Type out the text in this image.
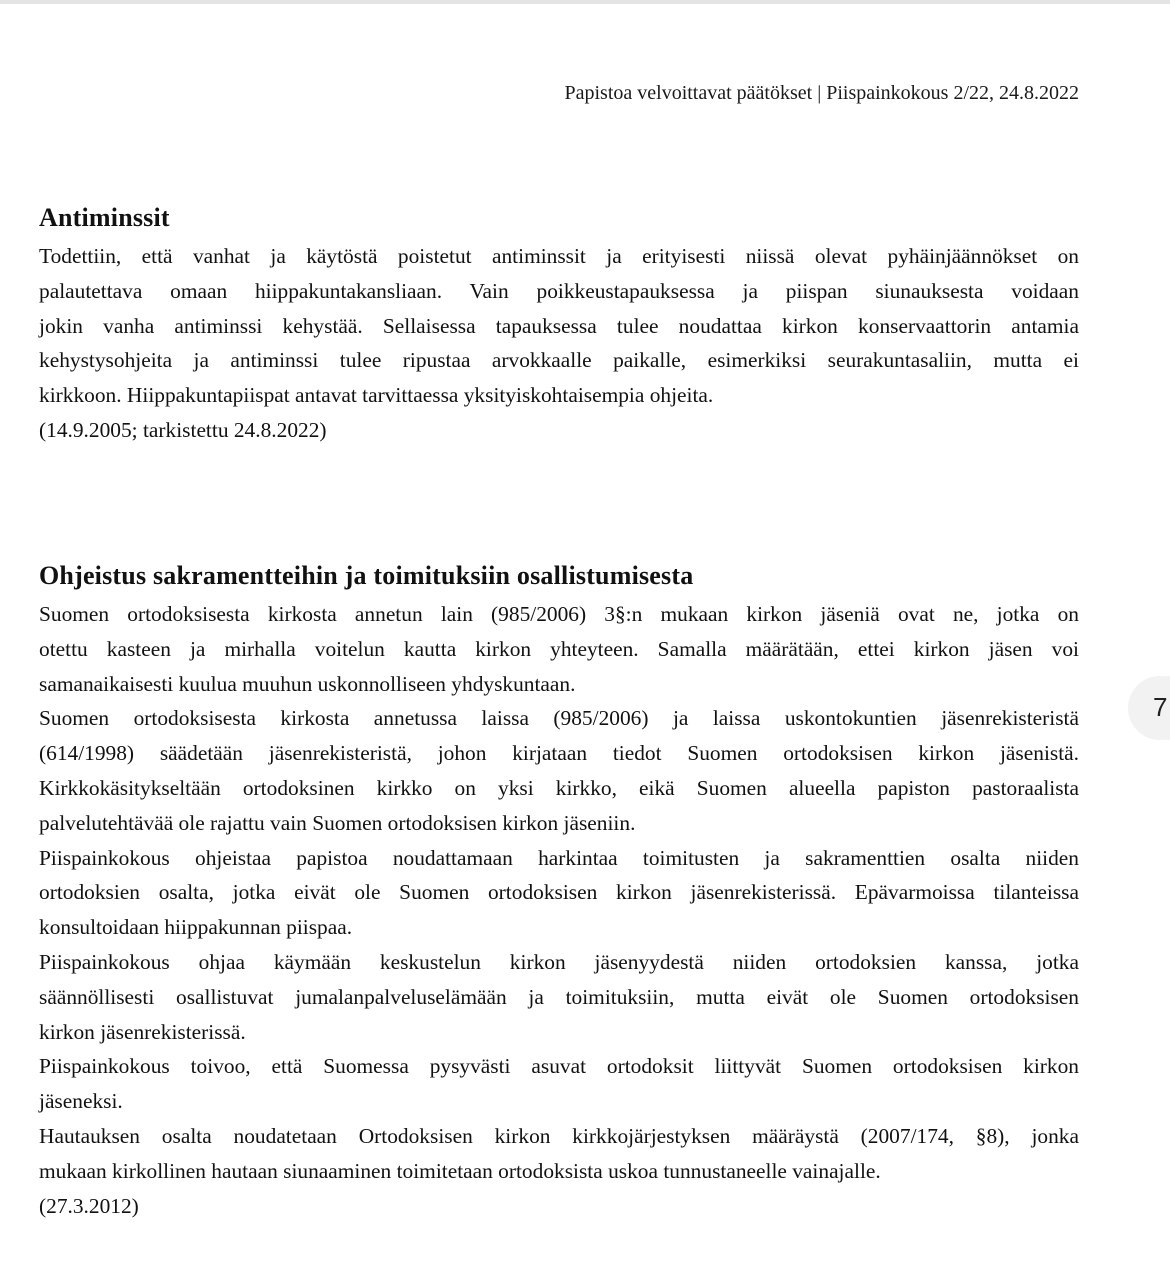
Papistoa velvoittavat päätökset | Piispainkokous 2/22, 24.8.2022
Antiminssit

Todettiin, että vanhat ja käytöstä poistetut antiminssit ja erityisesti niissä olevat pyhäinjäännökset on
palautettava omaan hiippakuntakansliaan. Vain poikkeustapauksessa ja piispan siunauksesta voidaan
jokin vanha antiminssi kehystää. Sellaisessa tapauksessa tulee noudattaa kirkon konservaattorin antamia
kehystysohjeita ja antiminssi tulee ripustaa arvokkaalle paikalle, esimerkiksi seurakuntasaliin, mutta ei
kirkkoon. Hiippakuntapiispat antavat tarvittaessa yksityiskohtaisempia ohjeita.

(14.9.2005; tarkistettu 24.8.2022)

Ohjeistus sakramentteihin ja toimituksiin osallistumisesta

Suomen ortodoksisesta kirkosta annetun lain (985/2006) 3§:n mukaan kirkon jäseniä ovat ne, jotka on
otettu kasteen ja mirhalla voitelun kautta kirkon yhteyteen. Samalla määrätään, ettei kirkon jäsen voi
samanaikaisesti kuulua muuhun uskonnolliseen yhdyskuntaan.

Suomen ortodoksisesta kirkosta annetussa laissa (985/2006) ja laissa uskontokuntien jäsenrekisteristä
(614/1998) säädetään jäsenrekisteristä, johon kirjataan tiedot Suomen ortodoksisen kirkon jäsenistä.
Kirkkokäsitykseltään ortodoksinen kirkko on yksi kirkko, eikä Suomen alueella papiston pastoraalista
palvelutehtävää ole rajattu vain Suomen ortodoksisen kirkon jäseniin.

Piispainkokous ohjeistaa papistoa noudattamaan harkintaa toimitusten ja sakramenttien osalta niiden
ortodoksien osalta, jotka eivät ole Suomen ortodoksisen kirkon jäsenrekisterissä. Epävarmoissa tilanteissa
konsultoidaan hiippakunnan piispaa.

Piispainkokous ohjaa käymään keskustelun kirkon jäsenyydestä niiden ortodoksien kanssa, jotka
säännöllisesti osallistuvat jumalanpalveluselämään ja toimituksiin, mutta eivät ole Suomen ortodoksisen
kirkon jäsenrekisterissä.

Piispainkokous toivoo, että Suomessa pysyvästi asuvat ortodoksit liittyvät Suomen ortodoksisen kirkon
jäseneksi.

Hautauksen osalta noudatetaan Ortodoksisen kirkon kirkkojärjestyksen määräystä (2007/174, §8), jonka
mukaan kirkollinen hautaan siunaaminen toimitetaan ortodoksista uskoa tunnustaneelle vainajalle.

(27.3.2012)

7
